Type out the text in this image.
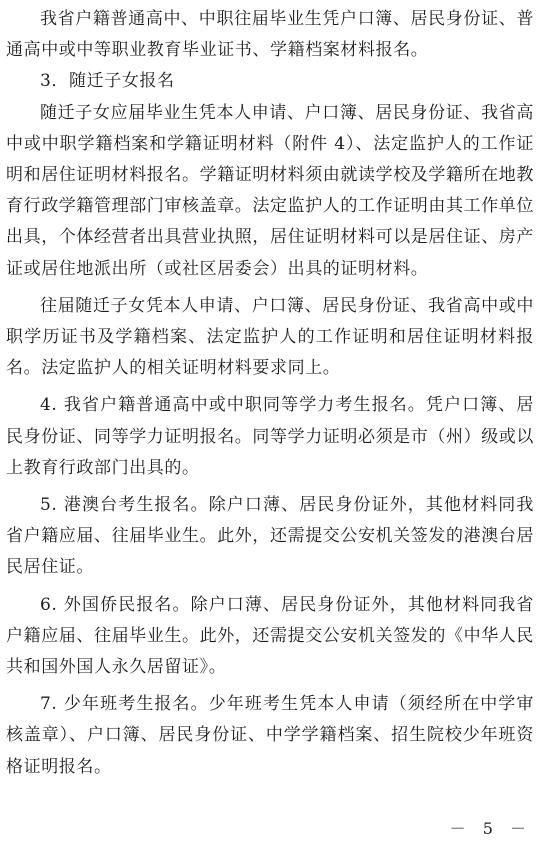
我省户籍普通高中、中职往届毕业生凭户口簿、居民身份证、普通高中或中等职业教育毕业证书、学籍档案材料报名。

3．随迁子女报名

随迁子女应届毕业生凭本人申请、户口簿、居民身份证、我省高中或中职学籍档案和学籍证明材料（附件 4）、法定监护人的工作证明和居住证明材料报名。学籍证明材料须由就读学校及学籍所在地教育行政学籍管理部门审核盖章。法定监护人的工作证明由其工作单位出具，个体经营者出具营业执照，居住证明材料可以是居住证、房产证或居住地派出所（或社区居委会）出具的证明材料。

往届随迁子女凭本人申请、户口簿、居民身份证、我省高中或中职学历证书及学籍档案、法定监护人的工作证明和居住证明材料报名。法定监护人的相关证明材料要求同上。

4. 我省户籍普通高中或中职同等学力考生报名。凭户口簿、居民身份证、同等学力证明报名。同等学力证明必须是市（州）级或以上教育行政部门出具的。

5. 港澳台考生报名。除户口薄、居民身份证外，其他材料同我省户籍应届、往届毕业生。此外，还需提交公安机关签发的港澳台居民居住证。

6. 外国侨民报名。除户口薄、居民身份证外，其他材料同我省户籍应届、往届毕业生。此外，还需提交公安机关签发的《中华人民共和国外国人永久居留证》。

7. 少年班考生报名。少年班考生凭本人申请（须经所在中学审核盖章）、户口簿、居民身份证、中学学籍档案、招生院校少年班资格证明报名。

－ 5 －
